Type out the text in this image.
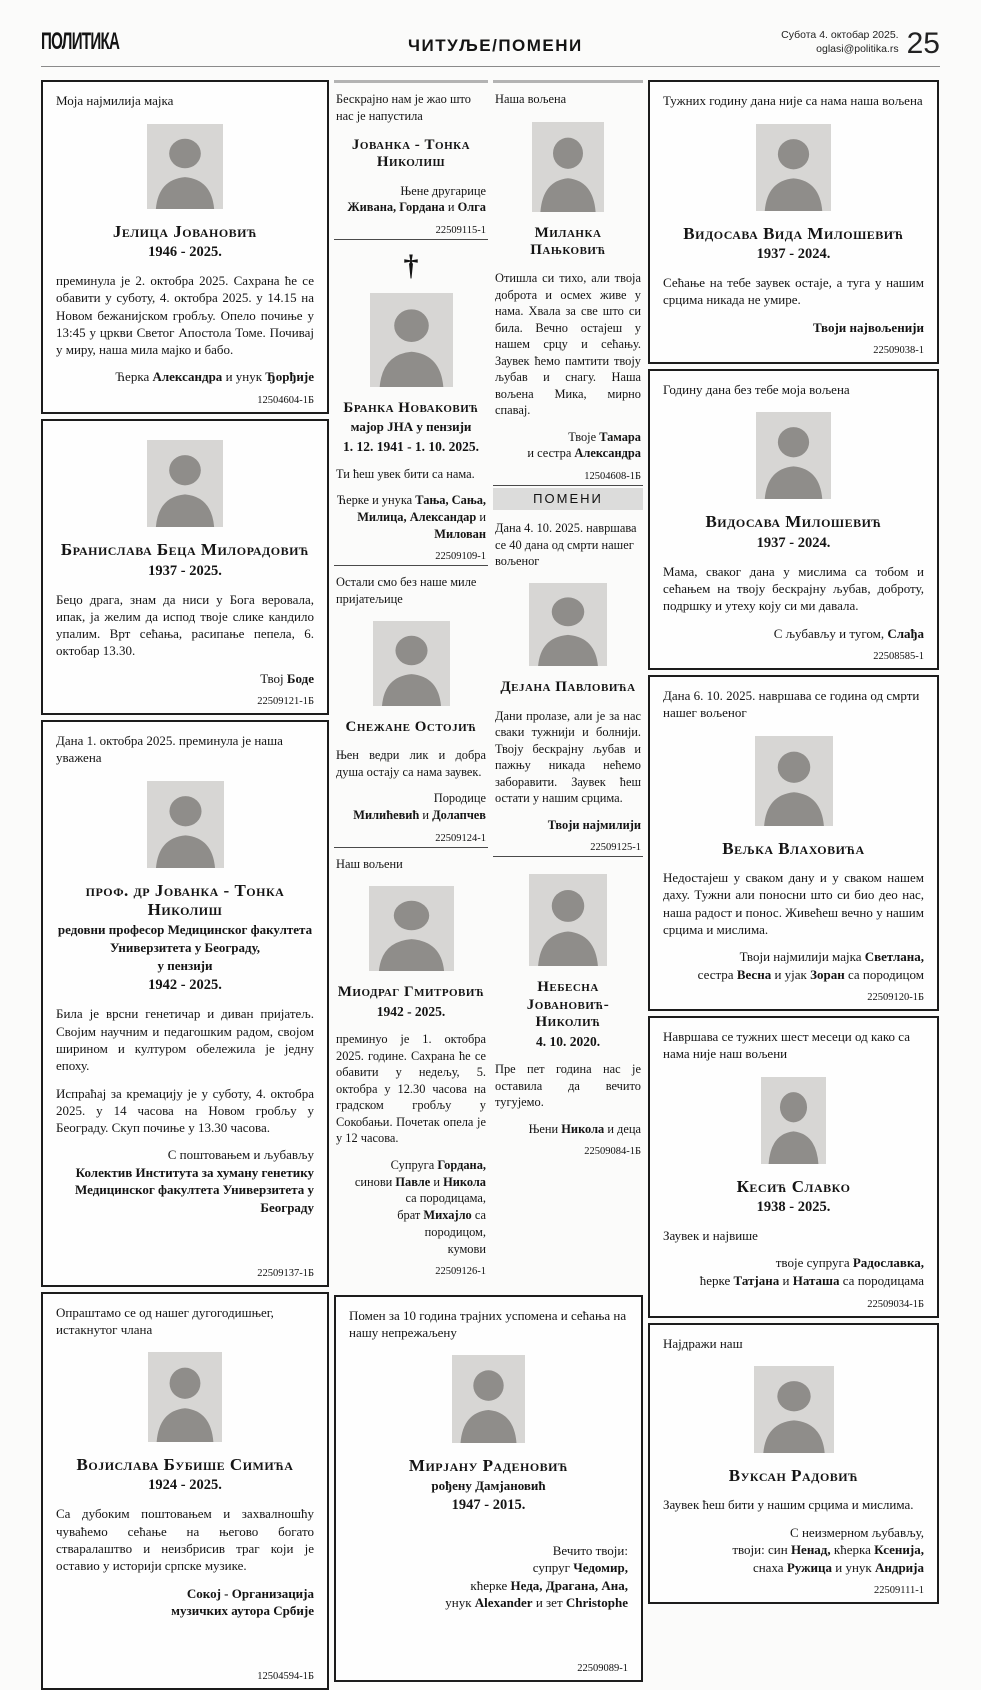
ПОЛИТИКА	ЧИТУЉЕ/ПОМЕНИ
Субота 4. октобар 2025.
oglasi@politika.rs 25
Моја најмилија мајка
Јелица Јовановић
1946 - 2025.
преминула је 2. октобра 2025. Сахрана ће се обавити у суботу, 4. октобра 2025. у 14.15 на Новом бежанијском гробљу. Опело почиње у 13:45 у цркви Светог Апостола Томе. Почивај у миру, наша мила мајко и бабо.
Ћерка Александра и унук Ђорђије
12504604-1Б
Бранислава Беца Милорадовић
1937 - 2025.
Бецо драга, знам да ниси у Бога веровала, ипак, ја желим да испод твоје слике кандило упалим. Врт сећања, расипање пепела, 6. октобар 13.30.
Твој Боде
22509121-1Б
Дана 1. октобра 2025. преминула је наша уважена
проф. др Јованка - Тонка Николиш
редовни професор Медицинског факултета
Универзитета у Београду,
у пензији
1942 - 2025.
Била је врсни генетичар и диван пријатељ. Својим научним и педагошким радом, својом ширином и културом обележила је једну епоху.
Испраћај за кремацију је у суботу, 4. октобра 2025. у 14 часова на Новом гробљу у Београду. Скуп почиње у 13.30 часова.
С поштовањем и љубављу
Колектив Института за хуману генетику
Медицинског факултета Универзитета у Београду
22509137-1Б
Опраштамо се од нашег дугогодишњег, истакнутог члана
Војислава Бубише Симића
1924 - 2025.
Са дубоким поштовањем и захвалношћу чуваћемо сећање на његово богато стваралаштво и неизбрисив траг који је оставио у историји српске музике.
Сокој - Организација
музичких аутора Србије
12504594-1Б
Бескрајно нам је жао што нас је напустила
Јованка - Тонка Николиш
Њене другарице
Живана, Гордана и Олга
22509115-1
†
Бранка Новаковић
мајор ЈНА у пензији
1. 12. 1941 - 1. 10. 2025.
Ти ћеш увек бити са нама.
Ћерке и унука Тања, Сања,
Милица, Александар и Милован
22509109-1
Остали смо без наше миле пријатељице
Снежане Остојић
Њен ведри лик и добра душа остају са нама заувек.
Породице
Милићевић и Долапчев
22509124-1
Наш вољени
Миодраг Гмитровић
1942 - 2025.
преминуо је 1. октобра 2025. године. Сахрана ће се обавити у недељу, 5. октобра у 12.30 часова на градском гробљу у Сокобањи. Почетак опела је у 12 часова.
Супруга Гордана,
синови Павле и Никола
са породицама,
брат Михајло са породицом,
кумови
22509126-1
Наша вољена
Миланка Пањковић
Отишла си тихо, али твоја доброта и осмех живе у нама. Хвала за све што си била. Вечно остајеш у нашем срцу и сећању. Заувек ћемо памтити твоју љубав и снагу. Наша вољена Мика, мирно спавај.
Твоје Тамара
и сестра Александра
12504608-1Б
ПОМЕНИ
Дана 4. 10. 2025. навршава се 40 дана од смрти нашег вољеног
Дејана Павловића
Дани пролазе, али је за нас сваки тужнији и болнији. Твоју бескрајну љубав и пажњу никада нећемо заборавити. Заувек ћеш остати у нашим срцима.
Твоји најмилији
22509125-1
Небесна Јовановић-Николић
4. 10. 2020.
Пре пет година нас је оставила да вечито тугујемо.
Њени Никола и деца
22509084-1Б
Помен за 10 година трајних успомена и сећања на нашу непрежаљену
Мирјану Раденовић
рођену Дамјановић
1947 - 2015.
Вечито твоји:
супруг Чедомир,
кћерке Неда, Драгана, Ана,
унук Alexander и зет Christophe
22509089-1
Тужних годину дана није са нама наша вољена
Видосава Вида Милошевић
1937 - 2024.
Сећање на тебе заувек остаје, а туга у нашим срцима никада не умире.
Твоји највољенији
22509038-1
Годину дана без тебе моја вољена
Видосава Милошевић
1937 - 2024.
Мама, сваког дана у мислима са тобом и сећањем на твоју бескрајну љубав, доброту, подршку и утеху коју си ми давала.
С љубављу и тугом, Слађа
22508585-1
Дана 6. 10. 2025. навршава се година од смрти нашег вољеног
Вељка Влаховића
Недостајеш у сваком дану и у сваком нашем даху. Тужни али поносни што си био део нас, наша радост и понос. Живећеш вечно у нашим срцима и мислима.
Твоји најмилији мајка Светлана,
сестра Весна и ујак Зоран са породицом
22509120-1Б
Навршава се тужних шест месеци од како са нама није наш вољени
Кесић Славко
1938 - 2025.
Заувек и највише
твоје супруга Радославка,
ћерке Татјана и Наташа са породицама
22509034-1Б
Најдражи наш
Вуксан Радовић
Заувек ћеш бити у нашим срцима и мислима.
С неизмерном љубављу,
твоји: син Ненад, кћерка Ксенија,
снаха Ружица и унук Андрија
22509111-1
